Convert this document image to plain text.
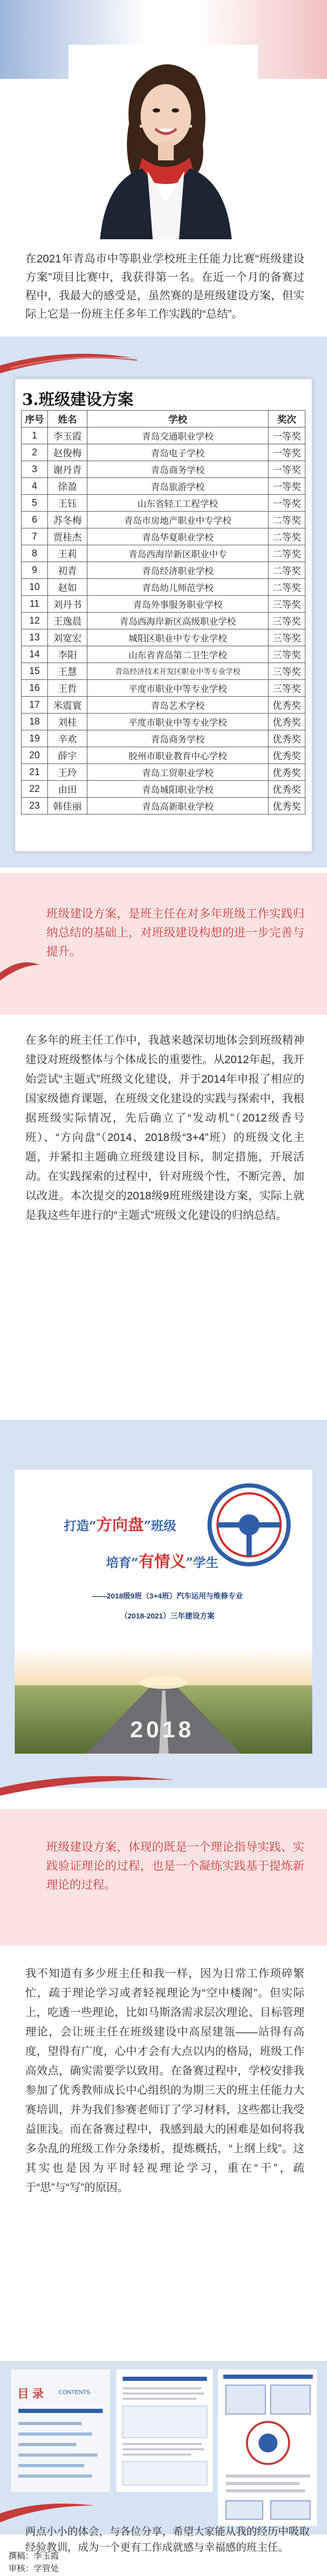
在2021年青岛市中等职业学校班主任能力比赛“班级建设方案”项目比赛中，我获得第一名。在近一个月的备赛过程中，我最大的感受是，虽然赛的是班级建设方案，但实际上它是一份班主任多年工作实践的“总结”。
3.班级建设方案
序号	姓名	学校	奖次
1	李玉霞	青岛交通职业学校	一等奖
2	赵俊梅	青岛电子学校	一等奖
3	谢丹青	青岛商务学校	一等奖
4	徐盈	青岛旅游学校	一等奖
5	王钰	山东省轻工工程学校	一等奖
6	苏冬梅	青岛市房地产职业中专学校	二等奖
7	贾桂杰	青岛华夏职业学校	二等奖
8	王莉	青岛西海岸新区职业中专	二等奖
9	初青	青岛经济职业学校	二等奖
10	赵如	青岛幼儿师范学校	二等奖
11	刘丹书	青岛外事服务职业学校	三等奖
12	王逸晨	青岛西海岸新区高级职业学校	三等奖
13	刘宽宏	城阳区职业中专专业学校	三等奖
14	李阳	山东省青岛第二卫生学校	三等奖
15	王慧	青岛经济技术开发区职业中等专业学校	三等奖
16	王哲	平度市职业中等专业学校	三等奖
17	米震寰	青岛艺术学校	优秀奖
18	刘桂	平度市职业中等专业学校	优秀奖
19	辛欢	青岛商务学校	优秀奖
20	薛宇	胶州市职业教育中心学校	优秀奖
21	王玲	青岛工贸职业学校	优秀奖
22	由田	青岛城阳职业学校	优秀奖
23	韩佳丽	青岛高新职业学校	优秀奖
班级建设方案，是班主任在对多年班级工作实践归纳总结的基础上，对班级建设构想的进一步完善与提升。
在多年的班主任工作中，我越来越深切地体会到班级精神建设对班级整体与个体成长的重要性。从2012年起，我开始尝试“主题式”班级文化建设，并于2014年申报了相应的国家级德育课题，在班级文化建设的实践与探索中，我根据班级实际情况，先后确立了“发动机”（2012级香号班）、“方向盘”（2014、2018级“3+4”班）的班级文化主题，并紧扣主题确立班级建设目标，制定措施，开展活动。在实践探索的过程中，针对班级个性，不断完善，加以改进。本次提交的2018级9班班级建设方案，实际上就是我这些年进行的“主题式”班级文化建设的归纳总结。
打造“方向盘”班级
培育“有情义”学生
——2018级9班（3+4班）汽车运用与维修专业
（2018-2021）三年建设方案
2018
班级建设方案，体现的既是一个理论指导实践、实践验证理论的过程，也是一个凝练实践基于提炼新理论的过程。
我不知道有多少班主任和我一样，因为日常工作琐碎繁忙，疏于理论学习或者轻视理论为“空中楼阁”。但实际上，吃透一些理论，比如马斯洛需求层次理论、目标管理理论，会让班主任在班级建设中高屋建瓴——站得有高度，望得有广度，心中才会有大点以内的格局，班级工作高效点，确实需要学以致用。在备赛过程中，学校安排我参加了优秀教师成长中心组织的为期三天的班主任能力大赛培训，并为我们参赛老师订了学习材料，这些都让我受益匪浅。而在备赛过程中，我感到最大的困难是如何将我多杂乱的班级工作分条缕析，提炼概括，“上纲上线”。这其实也是因为平时轻视理论学习，重在“干”，疏于“思”与“写”的原因。
目 录	CONTENTS
两点小小的体会，与各位分享，希望大家能从我的经历中吸取经验教训，成为一个更有工作成就感与幸福感的班主任。
撰稿：李玉霞
审核：学管处
